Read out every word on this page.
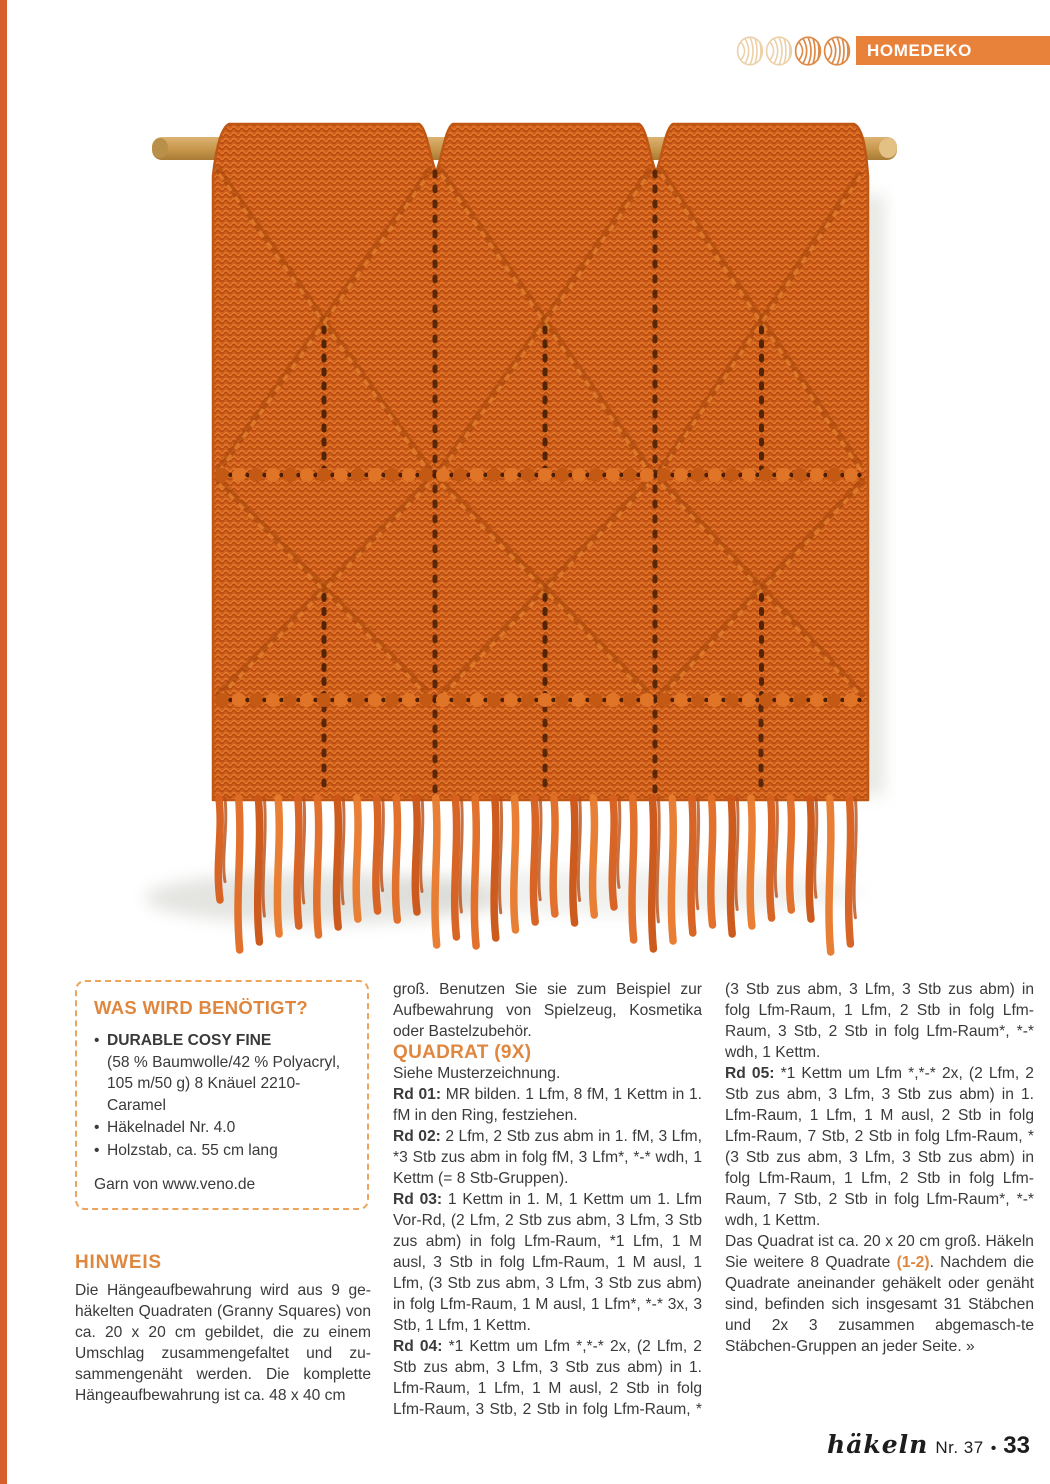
HOMEDEKO
WAS WIRD BENÖTIGT?
• DURABLE COSY FINE
(58 % Baumwolle/42 % Polyacryl, 105 m/50 g) 8 Knäuel 2210-Caramel
• Häkelnadel Nr. 4.0
• Holzstab, ca. 55 cm lang
Garn von www.veno.de
HINWEIS

Die Hängeaufbewahrung wird aus 9 ge-häkelten Quadraten (Granny Squares) von ca. 20 x 20 cm gebildet, die zu einem Umschlag zusammengefaltet und zu-sammengenäht werden. Die komplette Hängeaufbewahrung ist ca. 48 x 40 cm

groß. Benutzen Sie sie zum Beispiel zur Aufbewahrung von Spielzeug, Kosmetika oder Bastelzubehör.

QUADRAT (9X)

Siehe Musterzeichnung.

Rd 01: MR bilden. 1 Lfm, 8 fM, 1 Kettm in 1. fM in den Ring, festziehen.

Rd 02: 2 Lfm, 2 Stb zus abm in 1. fM, 3 Lfm, *3 Stb zus abm in folg fM, 3 Lfm*, *-* wdh, 1 Kettm (= 8 Stb-Gruppen).

Rd 03: 1 Kettm in 1. M, 1 Kettm um 1. Lfm Vor-Rd, (2 Lfm, 2 Stb zus abm, 3 Lfm, 3 Stb zus abm) in folg Lfm-Raum, *1 Lfm, 1 M ausl, 3 Stb in folg Lfm-Raum, 1 M ausl, 1 Lfm, (3 Stb zus abm, 3 Lfm, 3 Stb zus abm) in folg Lfm-Raum, 1 M ausl, 1 Lfm*, *-* 3x, 3 Stb, 1 Lfm, 1 Kettm.

Rd 04: *1 Kettm um Lfm *,*-* 2x, (2 Lfm, 2 Stb zus abm, 3 Lfm, 3 Stb zus abm) in 1. Lfm-Raum, 1 Lfm, 1 M ausl, 2 Stb in folg Lfm-Raum, 3 Stb, 2 Stb in folg Lfm-Raum, *(3 Stb zus abm, 3 Lfm, 3 Stb zus abm) in folg Lfm-Raum, 1 Lfm, 2 Stb in folg Lfm-Raum, 3 Stb, 2 Stb in folg Lfm-Raum*, *-* wdh, 1 Kettm.

Rd 05: *1 Kettm um Lfm *,*-* 2x, (2 Lfm, 2 Stb zus abm, 3 Lfm, 3 Stb zus abm) in 1. Lfm-Raum, 1 Lfm, 1 M ausl, 2 Stb in folg Lfm-Raum, 7 Stb, 2 Stb in folg Lfm-Raum, *(3 Stb zus abm, 3 Lfm, 3 Stb zus abm) in folg Lfm-Raum, 1 Lfm, 2 Stb in folg Lfm-Raum, 7 Stb, 2 Stb in folg Lfm-Raum*, *-* wdh, 1 Kettm.

Das Quadrat ist ca. 20 x 20 cm groß. Häkeln Sie weitere 8 Quadrate (1-2). Nachdem die Quadrate aneinander gehäkelt oder genäht sind, befinden sich insgesamt 31 Stäbchen und 2x 3 zusammen abgemasch-te Stäbchen-Gruppen an jeder Seite. »

häkeln Nr. 37 • 33
